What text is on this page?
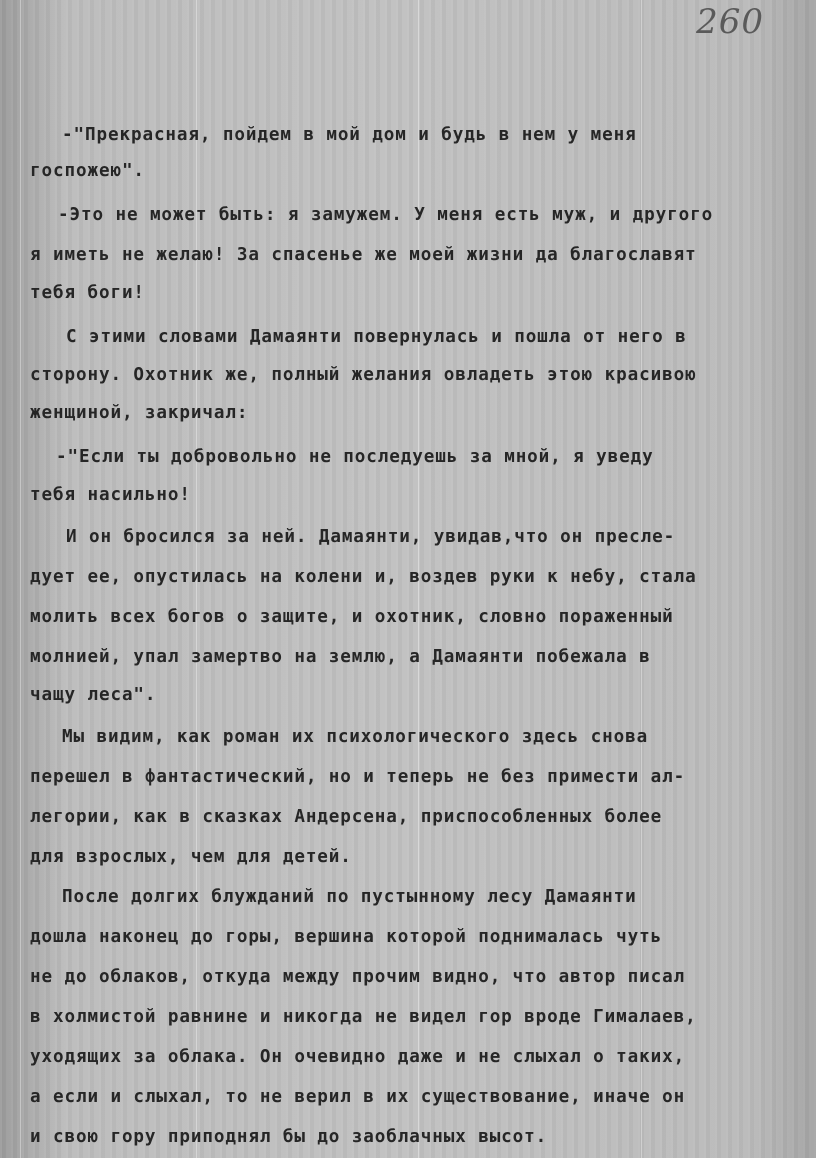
260
-"Прекрасная, пойдем в мой дом и будь в нем у меня
госпожею".
-Это не может быть: я замужем. У меня есть муж, и другого
я иметь не желаю! За спасенье же моей жизни да благославят
тебя боги!
С этими словами Дамаянти повернулась и пошла от него в
сторону. Охотник же, полный желания овладеть этою красивою
женщиной, закричал:
-"Если ты добровольно не последуешь за мной, я уведу
тебя насильно!
И он бросился за ней. Дамаянти, увидав,что он пресле-
дует ее, опустилась на колени и, воздев руки к небу, стала
молить всех богов о защите, и охотник, словно пораженный
молнией, упал замертво на землю, а Дамаянти побежала в
чащу леса".
Мы видим, как роман их психологического здесь снова
перешел в фантастический, но и теперь не без примести ал-
легории, как в сказках Андерсена, приспособленных более
для взрослых, чем для детей.
После долгих блужданий по пустынному лесу Дамаянти
дошла наконец до горы, вершина которой поднималась чуть
не до облаков, откуда между прочим видно, что автор писал
в холмистой равнине и никогда не видел гор вроде Гималаев,
уходящих за облака. Он очевидно даже и не слыхал о таких,
а если и слыхал, то не верил в их существование, иначе он
и свою гору приподнял бы до заоблачных высот.
